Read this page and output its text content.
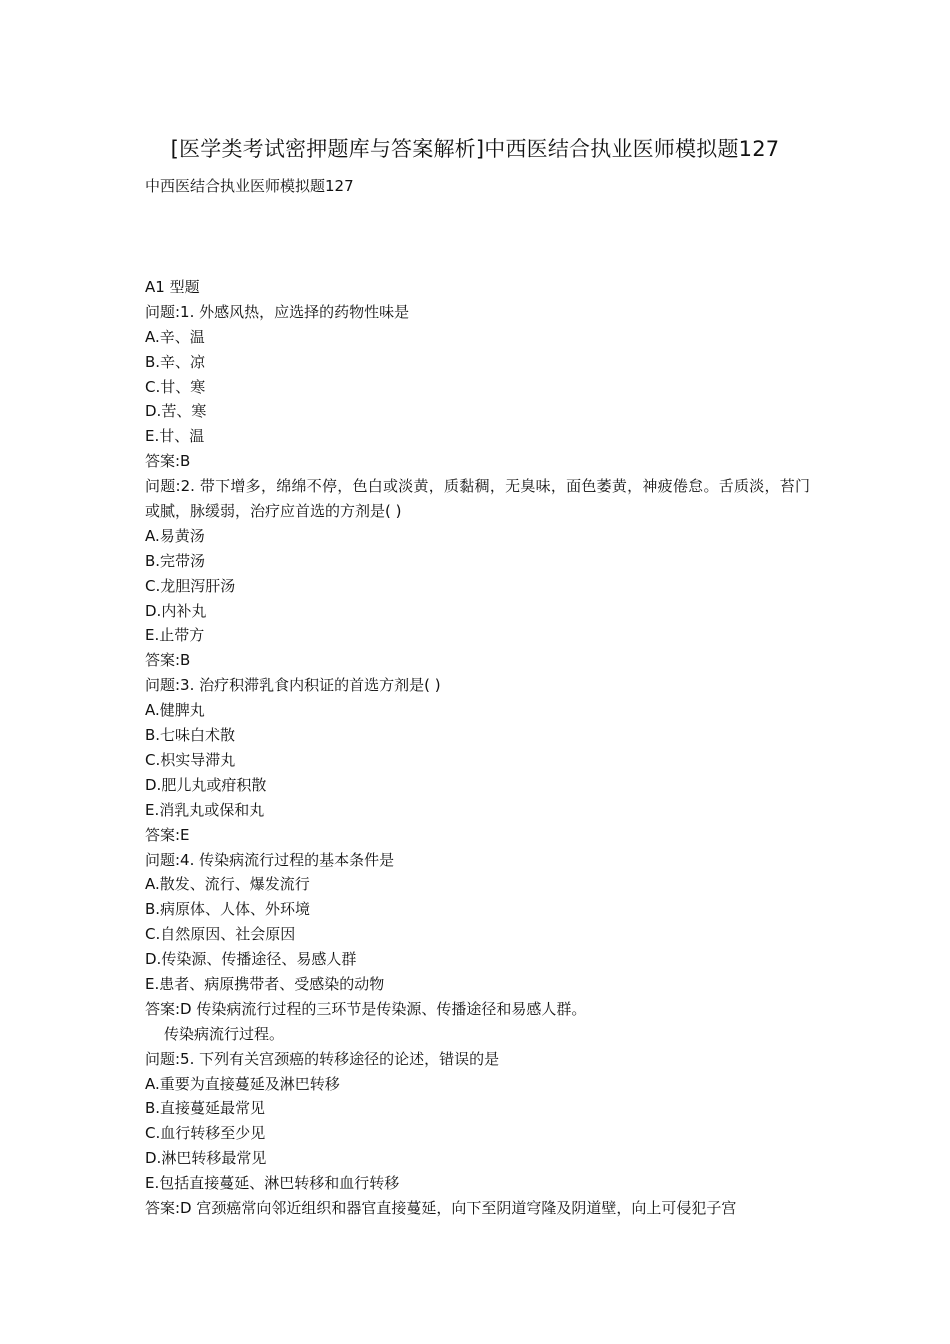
[医学类考试密押题库与答案解析]中西医结合执业医师模拟题127
中西医结合执业医师模拟题127
A1 型题
问题:1. 外感风热，应选择的药物性味是
A.辛、温
B.辛、凉
C.甘、寒
D.苦、寒
E.甘、温
答案:B
问题:2. 带下增多，绵绵不停，色白或淡黄，质黏稠，无臭味，面色萎黄，神疲倦怠。舌质淡，苔门或腻，脉缓弱，治疗应首选的方剂是( )
A.易黄汤
B.完带汤
C.龙胆泻肝汤
D.内补丸
E.止带方
答案:B
问题:3. 治疗积滞乳食内积证的首选方剂是( )
A.健脾丸
B.七味白术散
C.枳实导滞丸
D.肥儿丸或疳积散
E.消乳丸或保和丸
答案:E
问题:4. 传染病流行过程的基本条件是
A.散发、流行、爆发流行
B.病原体、人体、外环境
C.自然原因、社会原因
D.传染源、传播途径、易感人群
E.患者、病原携带者、受感染的动物
答案:D 传染病流行过程的三环节是传染源、传播途径和易感人群。
传染病流行过程。
问题:5. 下列有关宫颈癌的转移途径的论述，错误的是
A.重要为直接蔓延及淋巴转移
B.直接蔓延最常见
C.血行转移至少见
D.淋巴转移最常见
E.包括直接蔓延、淋巴转移和血行转移
答案:D 宫颈癌常向邻近组织和器官直接蔓延，向下至阴道穹隆及阴道壁，向上可侵犯子宫
